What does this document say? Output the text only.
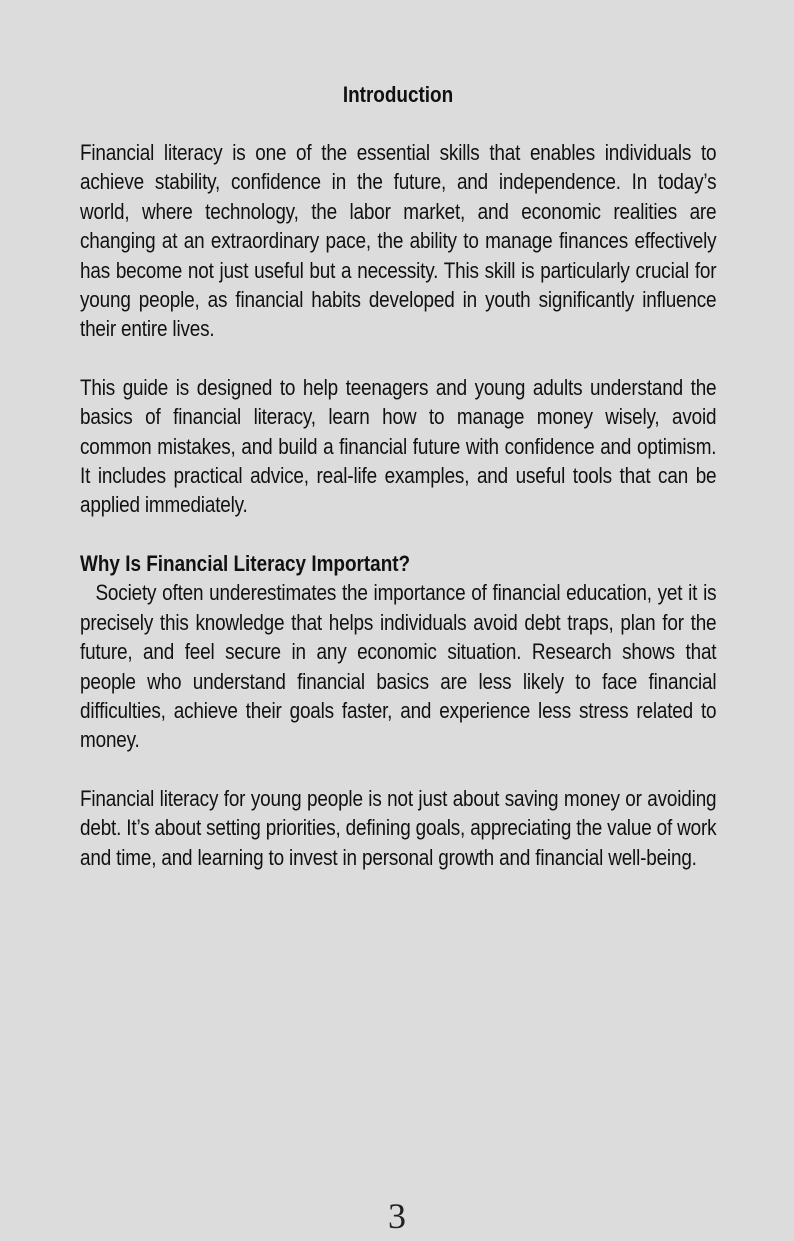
Introduction

Financial literacy is one of the essential skills that enables individuals to achieve stability, confidence in the future, and independence. In today’s world, where technology, the labor market, and economic realities are changing at an extraordinary pace, the ability to manage finances effectively has become not just useful but a necessity. This skill is particularly crucial for young people, as financial habits developed in youth significantly influence their entire lives.

This guide is designed to help teenagers and young adults understand the basics of financial literacy, learn how to manage money wisely, avoid common mistakes, and build a financial future with confidence and optimism. It includes practical advice, real-life examples, and useful tools that can be applied immediately.

Why Is Financial Literacy Important?

Society often underestimates the importance of financial education, yet it is precisely this knowledge that helps individuals avoid debt traps, plan for the future, and feel secure in any economic situation. Research shows that people who understand financial basics are less likely to face financial difficulties, achieve their goals faster, and experience less stress related to money.

Financial literacy for young people is not just about saving money or avoiding debt. It’s about setting priorities, defining goals, appreciating the value of work and time, and learning to invest in personal growth and financial well-being.

3
